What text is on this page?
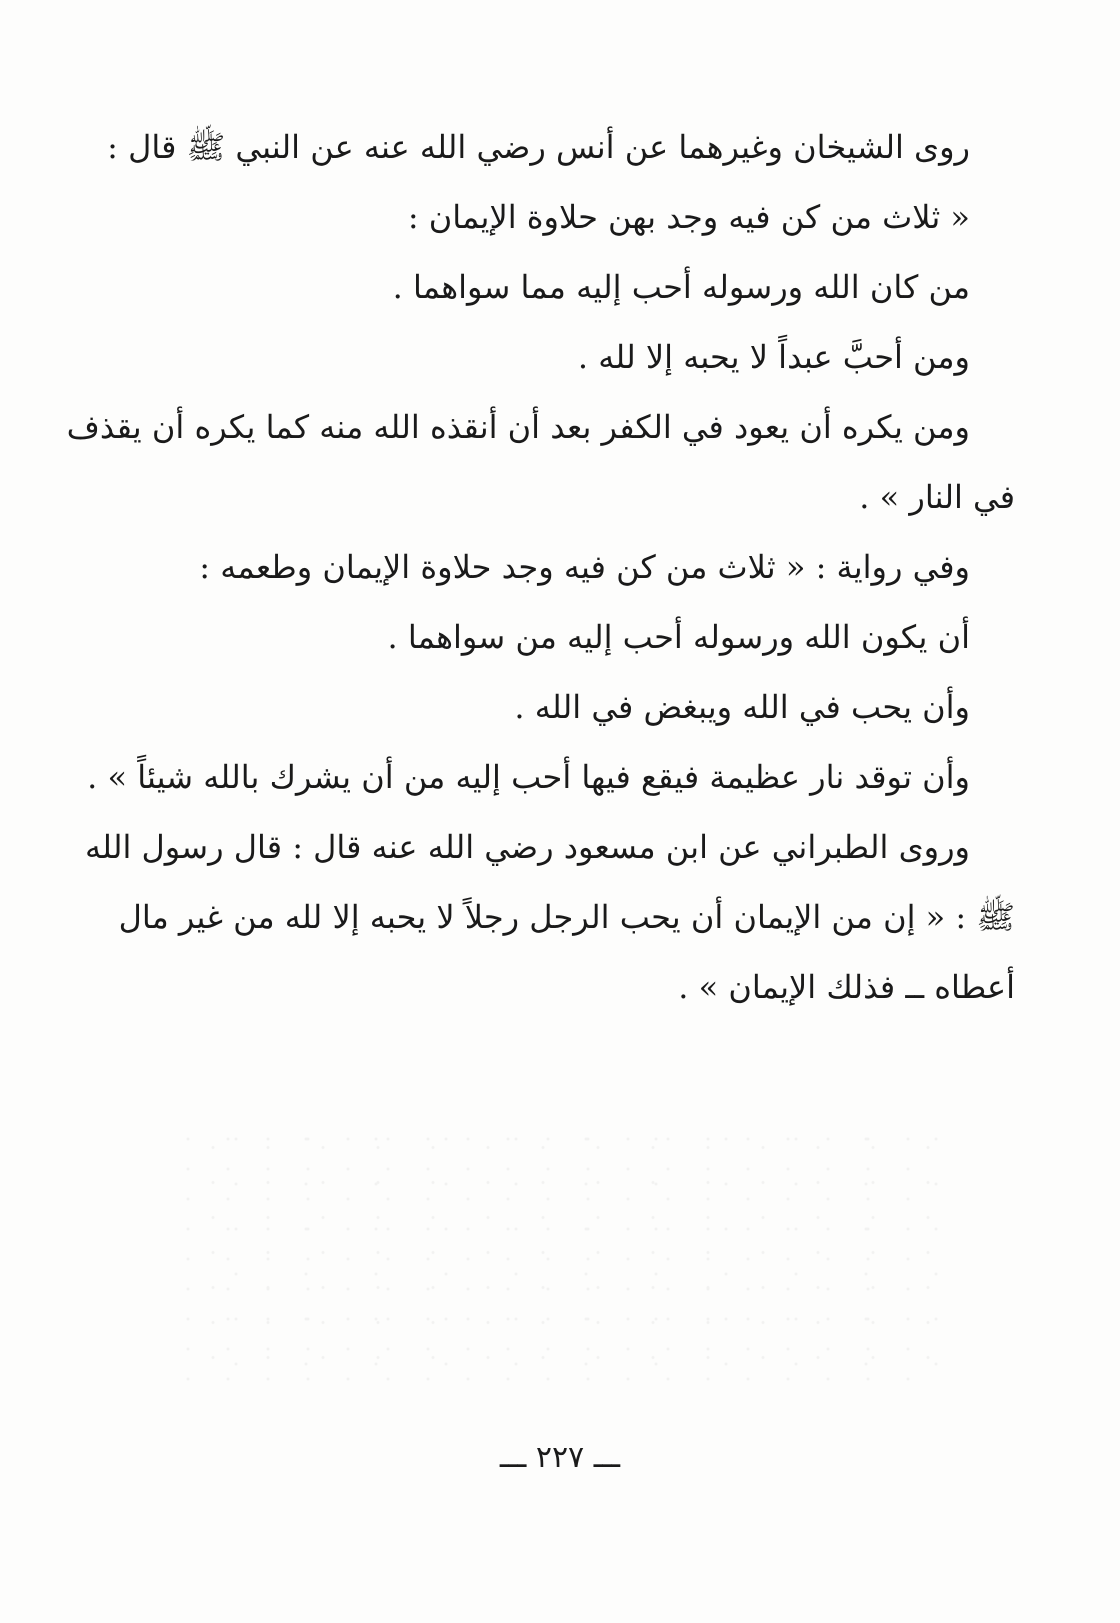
روى الشيخان وغيرهما عن أنس رضي الله عنه عن النبي ﷺ قال :
« ثلاث من كن فيه وجد بهن حلاوة الإيمان :
من كان الله ورسوله أحب إليه مما سواهما .
ومن أحبَّ عبداً لا يحبه إلا لله .
ومن يكره أن يعود في الكفر بعد أن أنقذه الله منه كما يكره أن يقذف
في النار » .
وفي رواية : « ثلاث من كن فيه وجد حلاوة الإيمان وطعمه :
أن يكون الله ورسوله أحب إليه من سواهما .
وأن يحب في الله ويبغض في الله .
وأن توقد نار عظيمة فيقع فيها أحب إليه من أن يشرك بالله شيئاً » .
وروى الطبراني عن ابن مسعود رضي الله عنه قال : قال رسول الله
ﷺ : « إن من الإيمان أن يحب الرجل رجلاً لا يحبه إلا لله من غير مال
أعطاه ــ فذلك الإيمان » .
ـــ ٢٢٧ ـــ
